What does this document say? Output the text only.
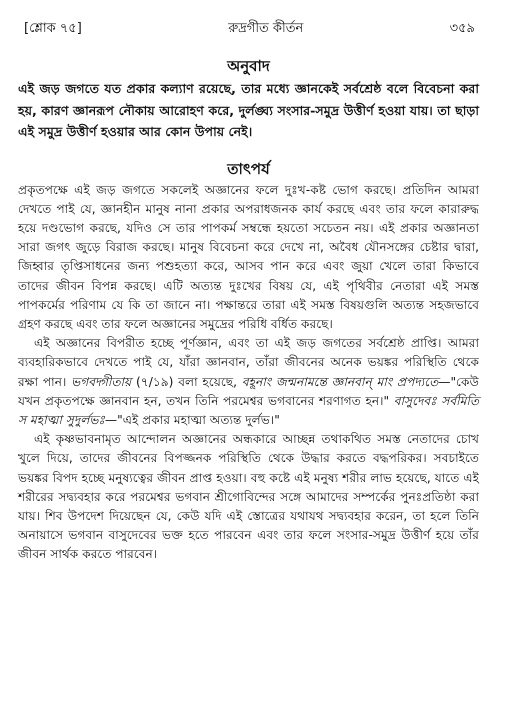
[শ্লোক ৭৫]	রুদ্রগীত কীর্তন	৩৫৯
অনুবাদ

এই জড় জগতে যত প্রকার কল্যাণ রয়েছে, তার মধ্যে জ্ঞানকেই সর্বশ্রেষ্ঠ বলে বিবেচনা করা হয়, কারণ জ্ঞানরূপ নৌকায় আরোহণ করে, দুর্লঙ্ঘ্য সংসার-সমুদ্র উত্তীর্ণ হওয়া যায়। তা ছাড়া এই সমুদ্র উত্তীর্ণ হওয়ার আর কোন উপায় নেই।

তাৎপর্য

প্রকৃতপক্ষে এই জড় জগতে সকলেই অজ্ঞানের ফলে দুঃখ-কষ্ট ভোগ করছে। প্রতিদিন আমরা দেখতে পাই যে, জ্ঞানহীন মানুষ নানা প্রকার অপরাধজনক কার্য করছে এবং তার ফলে কারারুদ্ধ হয়ে দণ্ডভোগ করছে, যদিও সে তার পাপকর্ম সম্বন্ধে হয়তো সচেতন নয়। এই প্রকার অজ্ঞানতা সারা জগৎ জুড়ে বিরাজ করছে। মানুষ বিবেচনা করে দেখে না, অবৈধ যৌনসঙ্গের চেষ্টার দ্বারা, জিহ্বার তৃপ্তিসাধনের জন্য পশুহত্যা করে, আসব পান করে এবং জুয়া খেলে তারা কিভাবে তাদের জীবন বিপন্ন করছে। এটি অত্যন্ত দুঃখের বিষয় যে, এই পৃথিবীর নেতারা এই সমস্ত পাপকর্মের পরিণাম যে কি তা জানে না। পক্ষান্তরে তারা এই সমস্ত বিষয়গুলি অত্যন্ত সহজভাবে গ্রহণ করছে এবং তার ফলে অজ্ঞানের সমুদ্রের পরিধি বর্ধিত করছে।

এই অজ্ঞানের বিপরীত হচ্ছে পূর্ণজ্ঞান, এবং তা এই জড় জগতের সর্বশ্রেষ্ঠ প্রাপ্তি। আমরা ব্যবহারিকভাবে দেখতে পাই যে, যাঁরা জ্ঞানবান, তাঁরা জীবনের অনেক ভয়ঙ্কর পরিস্থিতি থেকে রক্ষা পান। ভগবদ্গীতায় (৭/১৯) বলা হয়েছে, বহূনাং জন্মনামন্তে জ্ঞানবান্ মাং প্রপদ্যতে—"কেউ যখন প্রকৃতপক্ষে জ্ঞানবান হন, তখন তিনি পরমেশ্বর ভগবানের শরণাগত হন।" বাসুদেবঃ সর্বমিতি স মহাত্মা সুদুর্লভঃ—"এই প্রকার মহাত্মা অত্যন্ত দুর্লভ।"

এই কৃষ্ণভাবনামৃত আন্দোলন অজ্ঞানের অন্ধকারে আচ্ছন্ন তথাকথিত সমস্ত নেতাদের চোখ খুলে দিয়ে, তাদের জীবনের বিপজ্জনক পরিস্থিতি থেকে উদ্ধার করতে বদ্ধপরিকর। সবচাইতে ভয়ঙ্কর বিপদ হচ্ছে মনুষ্যত্বের জীবন প্রাপ্ত হওয়া। বহু কষ্টে এই মনুষ্য শরীর লাভ হয়েছে, যাতে এই শরীরের সদ্ব্যবহার করে পরমেশ্বর ভগবান শ্রীগোবিন্দের সঙ্গে আমাদের সম্পর্কের পুনঃপ্রতিষ্ঠা করা যায়। শিব উপদেশ দিয়েছেন যে, কেউ যদি এই স্তোত্রের যথাযথ সদ্ব্যবহার করেন, তা হলে তিনি অনায়াসে ভগবান বাসুদেবের ভক্ত হতে পারবেন এবং তার ফলে সংসার-সমুদ্র উত্তীর্ণ হয়ে তাঁর জীবন সার্থক করতে পারবেন।
